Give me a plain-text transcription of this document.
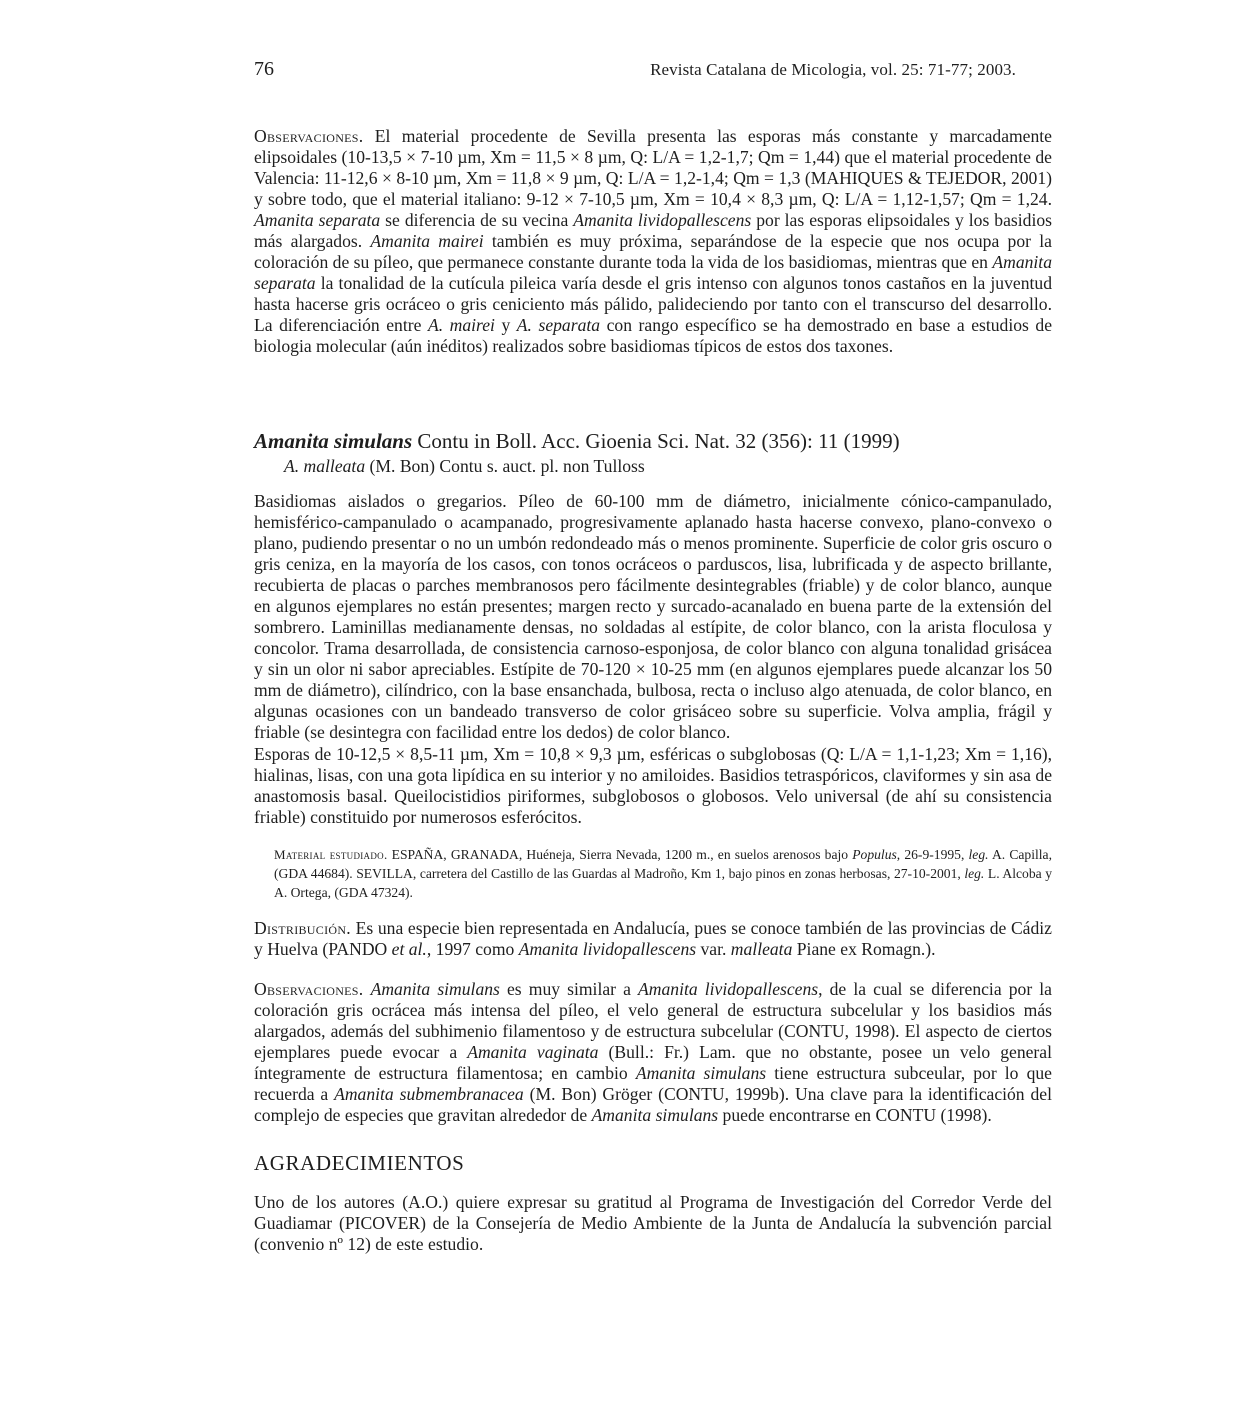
76	Revista Catalana de Micologia, vol. 25: 71-77; 2003.

Observaciones. El material procedente de Sevilla presenta las esporas más constante y marcadamente elipsoidales (10-13,5 × 7-10 µm, Xm = 11,5 × 8 µm, Q: L/A = 1,2-1,7; Qm = 1,44) que el material procedente de Valencia: 11-12,6 × 8-10 µm, Xm = 11,8 × 9 µm, Q: L/A = 1,2-1,4; Qm = 1,3 (MAHIQUES & TEJEDOR, 2001) y sobre todo, que el material italiano: 9-12 × 7-10,5 µm, Xm = 10,4 × 8,3 µm, Q: L/A = 1,12-1,57; Qm = 1,24. Amanita separata se diferencia de su vecina Amanita lividopallescens por las esporas elipsoidales y los basidios más alargados. Amanita mairei también es muy próxima, separándose de la especie que nos ocupa por la coloración de su píleo, que permanece constante durante toda la vida de los basidiomas, mientras que en Amanita separata la tonalidad de la cutícula pileica varía desde el gris intenso con algunos tonos castaños en la juventud hasta hacerse gris ocráceo o gris ceniciento más pálido, palideciendo por tanto con el transcurso del desarrollo. La diferenciación entre A. mairei y A. separata con rango específico se ha demostrado en base a estudios de biologia molecular (aún inéditos) realizados sobre basidiomas típicos de estos dos taxones.

Amanita simulans Contu in Boll. Acc. Gioenia Sci. Nat. 32 (356): 11 (1999)
A. malleata (M. Bon) Contu s. auct. pl. non Tulloss

Basidiomas aislados o gregarios. Píleo de 60-100 mm de diámetro, inicialmente cónico-campanulado, hemisférico-campanulado o acampanado, progresivamente aplanado hasta hacerse convexo, plano-convexo o plano, pudiendo presentar o no un umbón redondeado más o menos prominente. Superficie de color gris oscuro o gris ceniza, en la mayoría de los casos, con tonos ocráceos o parduscos, lisa, lubrificada y de aspecto brillante, recubierta de placas o parches membranosos pero fácilmente desintegrables (friable) y de color blanco, aunque en algunos ejemplares no están presentes; margen recto y surcado-acanalado en buena parte de la extensión del sombrero. Laminillas medianamente densas, no soldadas al estípite, de color blanco, con la arista floculosa y concolor. Trama desarrollada, de consistencia carnoso-esponjosa, de color blanco con alguna tonalidad grisácea y sin un olor ni sabor apreciables. Estípite de 70-120 × 10-25 mm (en algunos ejemplares puede alcanzar los 50 mm de diámetro), cilíndrico, con la base ensanchada, bulbosa, recta o incluso algo atenuada, de color blanco, en algunas ocasiones con un bandeado transverso de color grisáceo sobre su superficie. Volva amplia, frágil y friable (se desintegra con facilidad entre los dedos) de color blanco.

Esporas de 10-12,5 × 8,5-11 µm, Xm = 10,8 × 9,3 µm, esféricas o subglobosas (Q: L/A = 1,1-1,23; Xm = 1,16), hialinas, lisas, con una gota lipídica en su interior y no amiloides. Basidios tetraspóricos, claviformes y sin asa de anastomosis basal. Queilocistidios piriformes, subglobosos o globosos. Velo universal (de ahí su consistencia friable) constituido por numerosos esferócitos.

Material estudiado. ESPAÑA, GRANADA, Huéneja, Sierra Nevada, 1200 m., en suelos arenosos bajo Populus, 26-9-1995, leg. A. Capilla, (GDA 44684). SEVILLA, carretera del Castillo de las Guardas al Madroño, Km 1, bajo pinos en zonas herbosas, 27-10-2001, leg. L. Alcoba y A. Ortega, (GDA 47324).

Distribución. Es una especie bien representada en Andalucía, pues se conoce también de las provincias de Cádiz y Huelva (PANDO et al., 1997 como Amanita lividopallescens var. malleata Piane ex Romagn.).

Observaciones. Amanita simulans es muy similar a Amanita lividopallescens, de la cual se diferencia por la coloración gris ocrácea más intensa del píleo, el velo general de estructura subcelular y los basidios más alargados, además del subhimenio filamentoso y de estructura subcelular (CONTU, 1998). El aspecto de ciertos ejemplares puede evocar a Amanita vaginata (Bull.: Fr.) Lam. que no obstante, posee un velo general íntegramente de estructura filamentosa; en cambio Amanita simulans tiene estructura subceular, por lo que recuerda a Amanita submembranacea (M. Bon) Gröger (CONTU, 1999b). Una clave para la identificación del complejo de especies que gravitan alrededor de Amanita simulans puede encontrarse en CONTU (1998).

AGRADECIMIENTOS

Uno de los autores (A.O.) quiere expresar su gratitud al Programa de Investigación del Corredor Verde del Guadiamar (PICOVER) de la Consejería de Medio Ambiente de la Junta de Andalucía la subvención parcial (convenio nº 12) de este estudio.
